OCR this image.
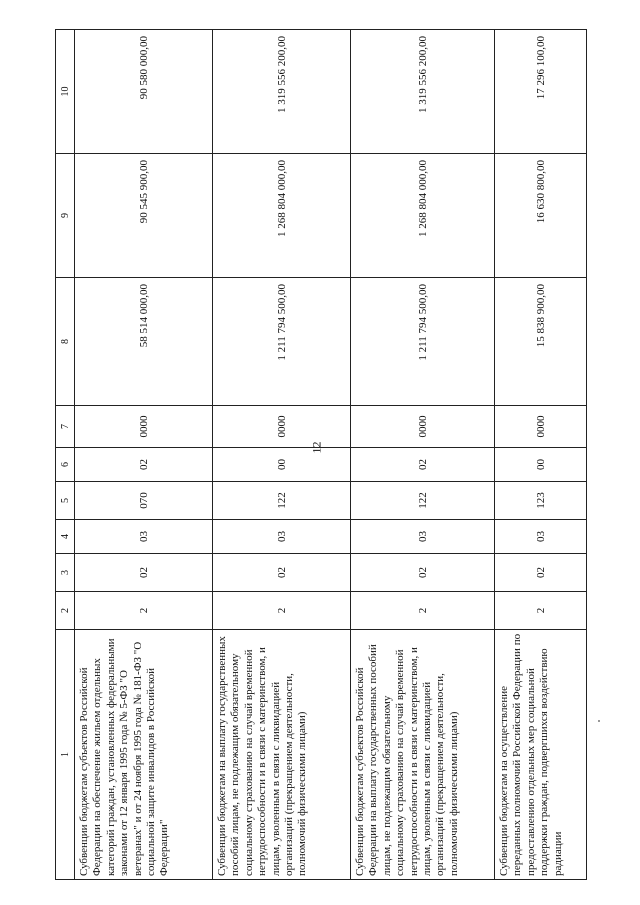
12
1	2	3	4	5	6	7	8	9	10
Субвенции бюджетам субъектов Российской Федерации на обеспечение жильем отдельных категорий граждан, установленных федеральными законами от 12 января 1995 года № 5-ФЗ "О ветеранах" и от 24 ноября 1995 года № 181-ФЗ "О социальной защите инвалидов в Российской Федерации"	2	02	03	070	02	0000	58 514 000,00	90 545 900,00	90 580 000,00
Субвенции бюджетам на выплату государственных пособий лицам, не подлежащим обязательному социальному страхованию на случай временной нетрудоспособности и в связи с материнством, и лицам, уволенным в связи с ликвидацией организаций (прекращением деятельности, полномочий физическими лицами)	2	02	03	122	00	0000	1 211 794 500,00	1 268 804 000,00	1 319 556 200,00
Субвенции бюджетам субъектов Российской Федерации на выплату государственных пособий лицам, не подлежащим обязательному социальному страхованию на случай временной нетрудоспособности и в связи с материнством, и лицам, уволенным в связи с ликвидацией организаций (прекращением деятельности, полномочий физическими лицами)	2	02	03	122	02	0000	1 211 794 500,00	1 268 804 000,00	1 319 556 200,00
Субвенции бюджетам на осуществление переданных полномочий Российской Федерации по предоставлению отдельных мер социальной поддержки граждан, подвергшихся воздействию радиации	2	02	03	123	00	0000	15 838 900,00	16 630 800,00	17 296 100,00
